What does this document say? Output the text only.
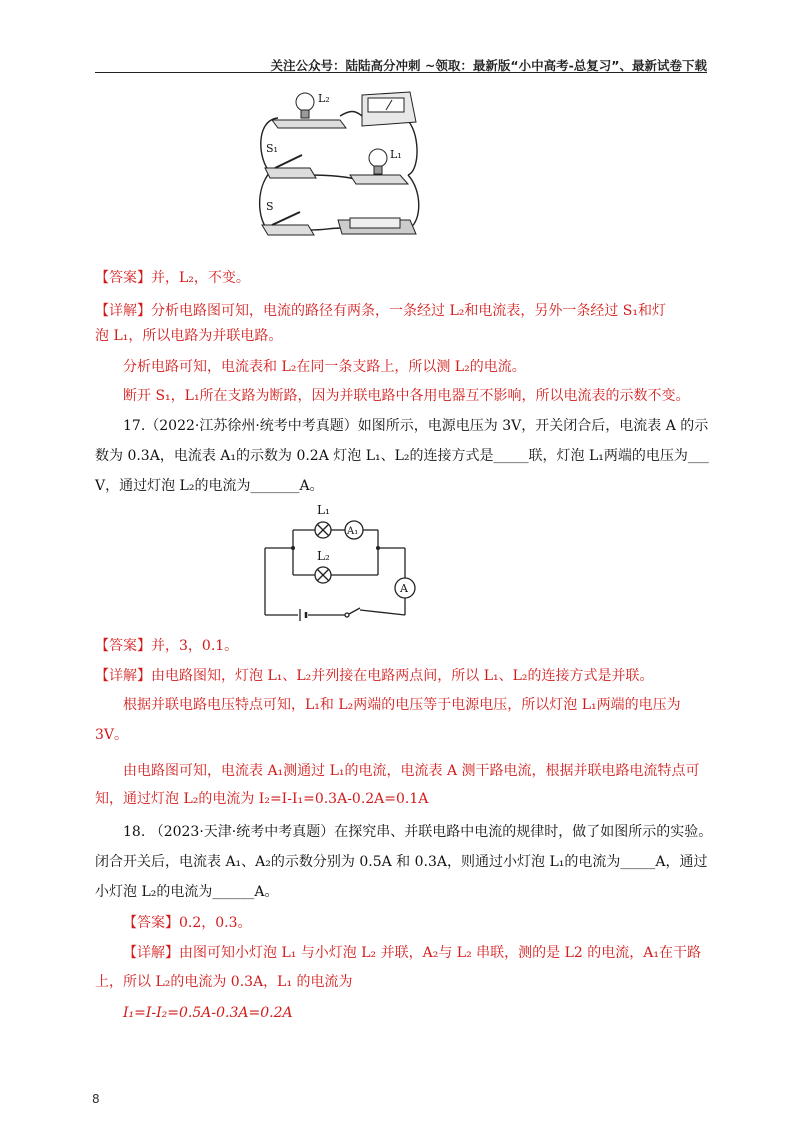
关注公众号：陆陆高分冲刺 ~领取：最新版“小中高考-总复习”、最新试卷下载
L₂
S₁	L₁
S
【答案】并，L₂，不变。
【详解】分析电路图可知，电流的路径有两条，一条经过 L₂和电流表，另外一条经过 S₁和灯
泡 L₁，所以电路为并联电路。
分析电路可知，电流表和 L₂在同一条支路上，所以测 L₂的电流。
断开 S₁，L₁所在支路为断路，因为并联电路中各用电器互不影响，所以电流表的示数不变。
17.（2022·江苏徐州·统考中考真题）如图所示，电源电压为 3V，开关闭合后，电流表 A 的示
数为 0.3A，电流表 A₁的示数为 0.2A 灯泡 L₁、L₂的连接方式是_____联，灯泡 L₁两端的电压为___
V，通过灯泡 L₂的电流为_______A。
L₁
L₂
A₁
A
【答案】并，3，0.1。
【详解】由电路图知，灯泡 L₁、L₂并列接在电路两点间，所以 L₁、L₂的连接方式是并联。
根据并联电路电压特点可知，L₁和 L₂两端的电压等于电源电压，所以灯泡 L₁两端的电压为
3V。
由电路图可知，电流表 A₁测通过 L₁的电流，电流表 A 测干路电流，根据并联电路电流特点可
知，通过灯泡 L₂的电流为 I₂=I-I₁=0.3A-0.2A=0.1A
18. （2023·天津·统考中考真题）在探究串、并联电路中电流的规律时，做了如图所示的实验。
闭合开关后，电流表 A₁、A₂的示数分别为 0.5A 和 0.3A，则通过小灯泡 L₁的电流为_____A，通过
小灯泡 L₂的电流为______A。
【答案】0.2，0.3。
【详解】由图可知小灯泡 L₁ 与小灯泡 L₂ 并联，A₂与 L₂ 串联，测的是 L2 的电流，A₁在干路
上，所以 L₂的电流为 0.3A，L₁ 的电流为
I₁=I-I₂=0.5A-0.3A=0.2A
8
